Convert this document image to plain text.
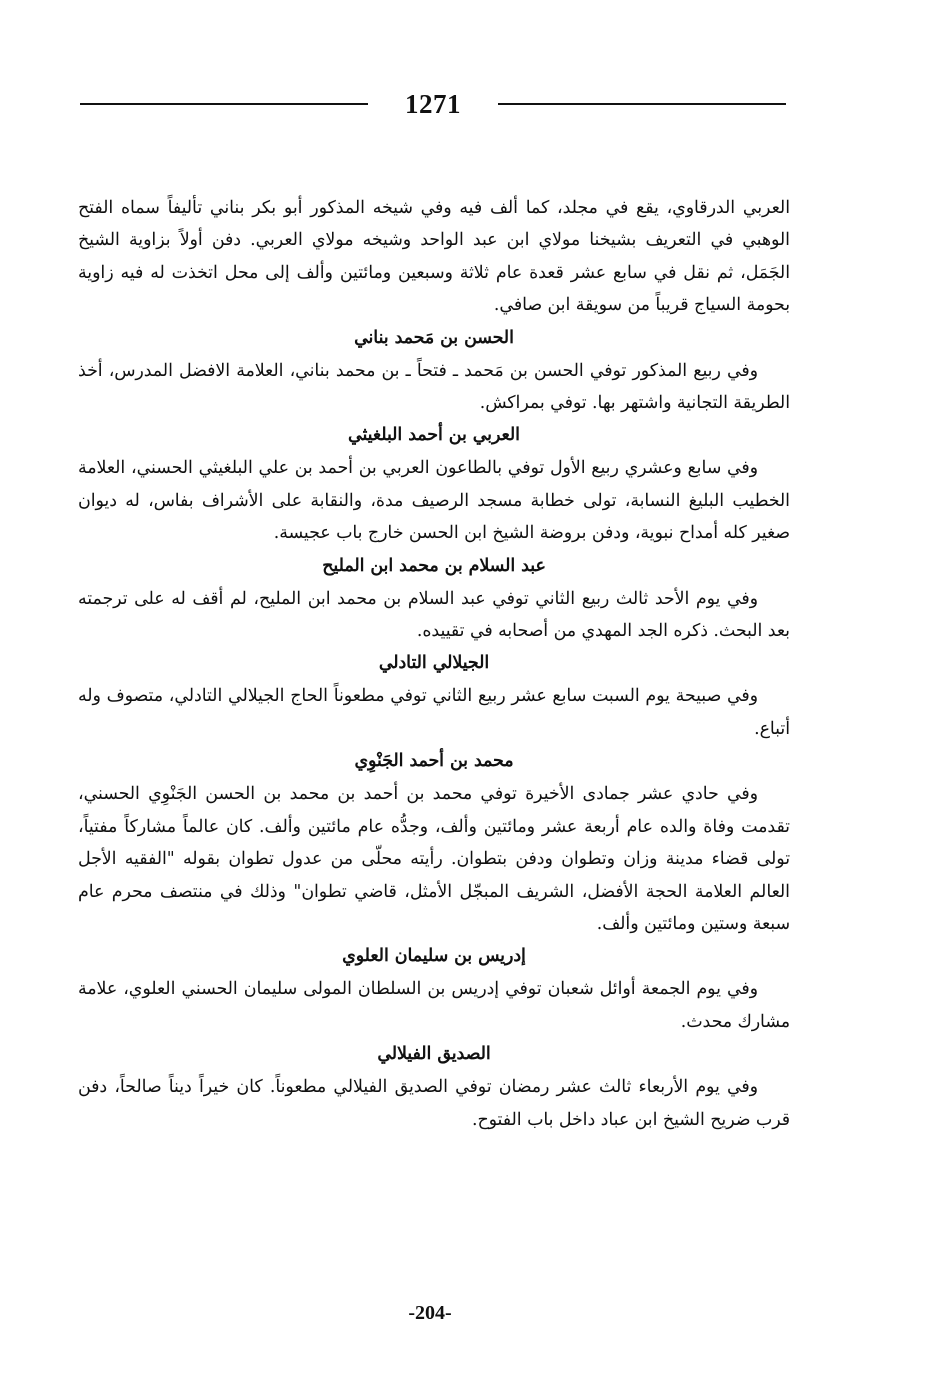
1271

العربي الدرقاوي، يقع في مجلد، كما ألف فيه وفي شيخه المذكور أبو بكر بناني تأليفاً سماه الفتح الوهبي في التعريف بشيخنا مولاي ابن عبد الواحد وشيخه مولاي العربي. دفن أولاً بزاوية الشيخ الجَمَل، ثم نقل في سابع عشر قعدة عام ثلاثة وسبعين ومائتين وألف إلى محل اتخذت له فيه زاوية بحومة السياج قريباً من سويقة ابن صافي.

الحسن بن مَحمد بناني

وفي ربيع المذكور توفي الحسن بن مَحمد ـ فتحاً ـ بن محمد بناني، العلامة الافضل المدرس، أخذ الطريقة التجانية واشتهر بها. توفي بمراكش.

العربي بن أحمد البلغيثي

وفي سابع وعشري ربيع الأول توفي بالطاعون العربي بن أحمد بن علي البلغيثي الحسني، العلامة الخطيب البليغ النسابة، تولى خطابة مسجد الرصيف مدة، والنقابة على الأشراف بفاس، له ديوان صغير كله أمداح نبوية، ودفن بروضة الشيخ ابن الحسن خارج باب عجيسة.

عبد السلام بن محمد ابن المليح

وفي يوم الأحد ثالث ربيع الثاني توفي عبد السلام بن محمد ابن المليح، لم أقف له على ترجمته بعد البحث. ذكره الجد المهدي من أصحابه في تقييده.

الجيلالي التادلي

وفي صبيحة يوم السبت سابع عشر ربيع الثاني توفي مطعوناً الحاج الجيلالي التادلي، متصوف وله أتباع.

محمد بن أحمد الجَنْوِي

وفي حادي عشر جمادى الأخيرة توفي محمد بن أحمد بن محمد بن الحسن الجَنْوِي الحسني، تقدمت وفاة والده عام أربعة عشر ومائتين وألف، وجدُّه عام مائتين وألف. كان عالماً مشاركاً مفتياً، تولى قضاء مدينة وزان وتطوان ودفن بتطوان. رأيته محلّى من عدول تطوان بقوله "الفقيه الأجل العالم العلامة الحجة الأفضل، الشريف المبجّل الأمثل، قاضي تطوان" وذلك في منتصف محرم عام سبعة وستين ومائتين وألف.

إدريس بن سليمان العلوي

وفي يوم الجمعة أوائل شعبان توفي إدريس بن السلطان المولى سليمان الحسني العلوي، علامة مشارك محدث.

الصديق الفيلالي

وفي يوم الأربعاء ثالث عشر رمضان توفي الصديق الفيلالي مطعوناً. كان خيراً ديناً صالحاً، دفن قرب ضريح الشيخ ابن عباد داخل باب الفتوح.

-204-
